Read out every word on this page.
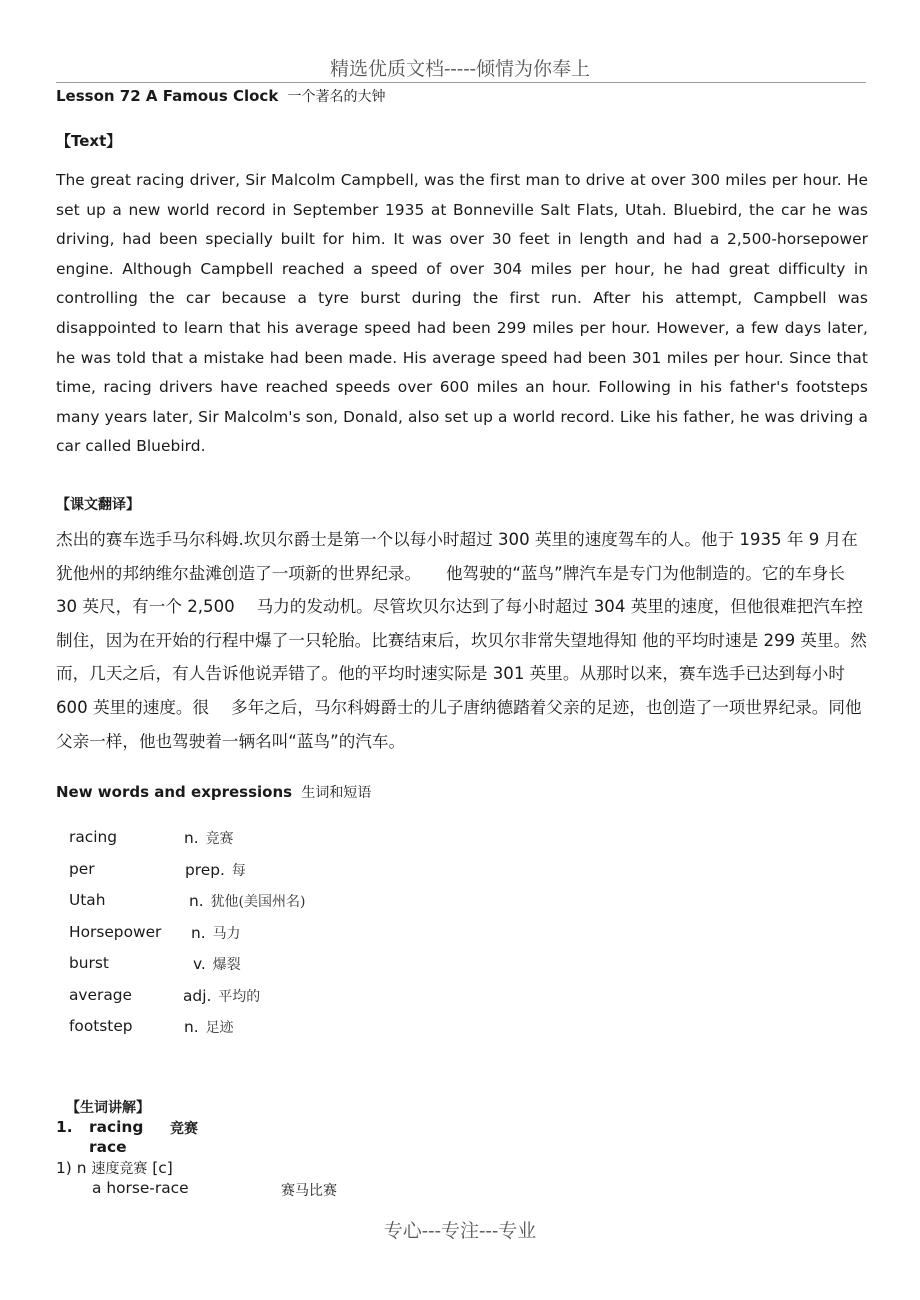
精选优质文档-----倾情为你奉上
Lesson 72 A Famous Clock 一个著名的大钟
【Text】
The great racing driver, Sir Malcolm Campbell, was the first man to drive at over 300 miles per hour. He set up a new world record in September 1935 at Bonneville Salt Flats, Utah. Bluebird, the car he was driving, had been specially built for him. It was over 30 feet in length and had a 2,500-horsepower engine. Although Campbell reached a speed of over 304 miles per hour, he had great difficulty in controlling the car because a tyre burst during the first run. After his attempt, Campbell was disappointed to learn that his average speed had been 299 miles per hour. However, a few days later, he was told that a mistake had been made. His average speed had been 301 miles per hour. Since that time, racing drivers have reached speeds over 600 miles an hour. Following in his father's footsteps many years later, Sir Malcolm's son, Donald, also set up a world record. Like his father, he was driving a car called Bluebird.
【课文翻译】
杰出的赛车选手马尔科姆.坎贝尔爵士是第一个以每小时超过 300 英里的速度驾车的人。他于 1935 年 9 月在犹他州的邦纳维尔盐滩创造了一项新的世界纪录。　　他驾驶的“蓝鸟”牌汽车是专门为他制造的。它的车身长 30 英尺，有一个 2,500　 马力的发动机。尽管坎贝尔达到了每小时超过 304 英里的速度，但他很难把汽车控制住，因为在开始的行程中爆了一只轮胎。比赛结束后，坎贝尔非常失望地得知 他的平均时速是 299 英里。然而，几天之后，有人告诉他说弄错了。他的平均时速实际是 301 英里。从那时以来，赛车选手已达到每小时 600 英里的速度。很　 多年之后，马尔科姆爵士的儿子唐纳德踏着父亲的足迹，也创造了一项世界纪录。同他父亲一样，他也驾驶着一辆名叫“蓝鸟”的汽车。
New words and expressions 生词和短语
racing	n. 竞赛
per	prep. 每
Utah	n. 犹他(美国州名)
Horsepower n. 马力
burst	v. 爆裂
average	adj. 平均的
footstep	n. 足迹
【生词讲解】
1. racing 竞赛
race
1) n 速度竞赛 [c]
a horse-race	赛马比赛
专心---专注---专业
